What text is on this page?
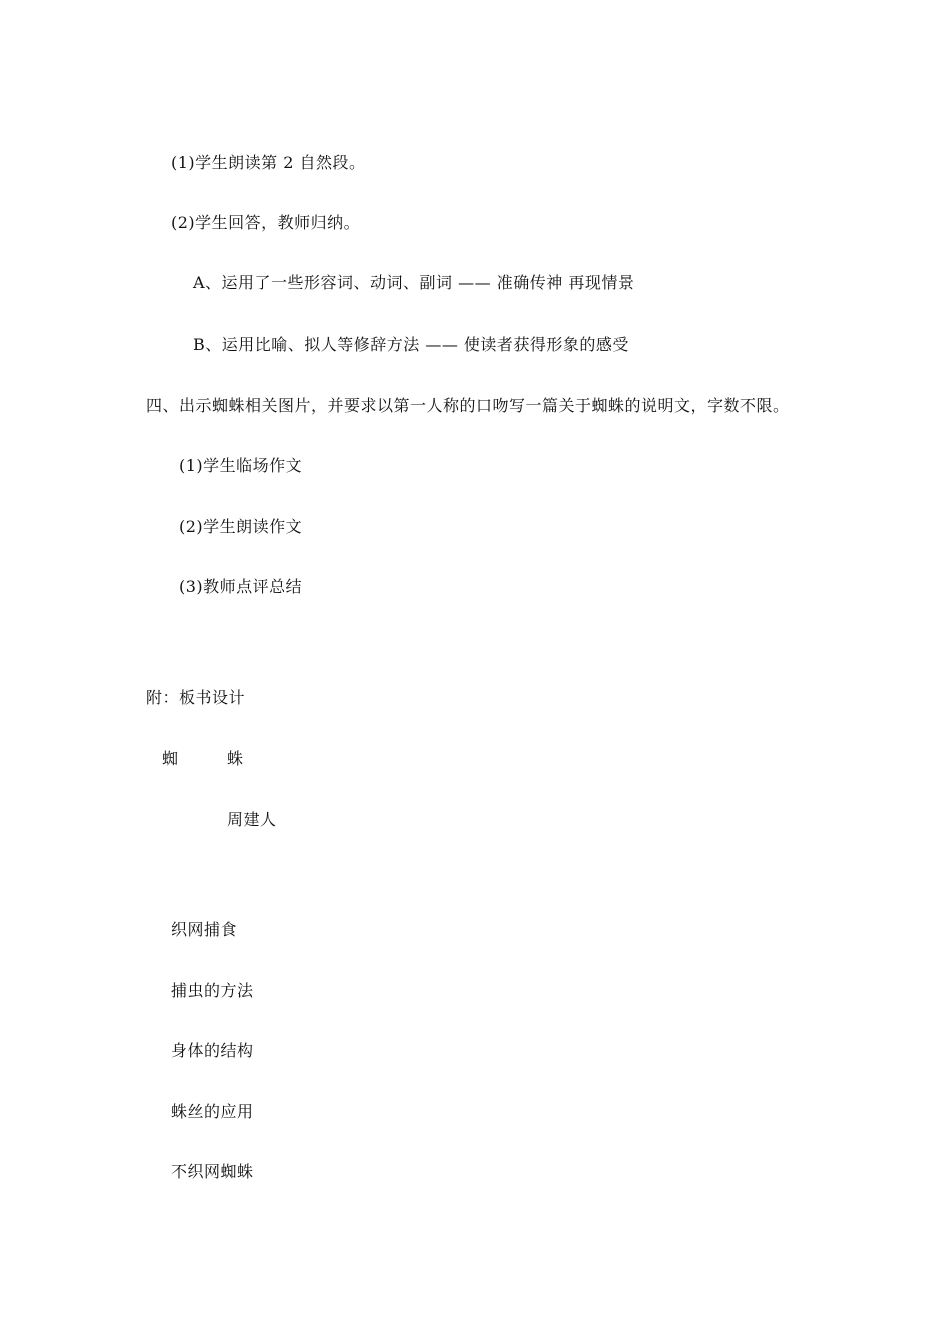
(1)学生朗读第 2 自然段。
(2)学生回答，教师归纳。
A、运用了一些形容词、动词、副词 —— 准确传神 再现情景
B、运用比喻、拟人等修辞方法 —— 使读者获得形象的感受
四、出示蜘蛛相关图片，并要求以第一人称的口吻写一篇关于蜘蛛的说明文，字数不限。
(1)学生临场作文
(2)学生朗读作文
(3)教师点评总结
附：板书设计
蜘	蛛
周建人
织网捕食
捕虫的方法
身体的结构
蛛丝的应用
不织网蜘蛛
